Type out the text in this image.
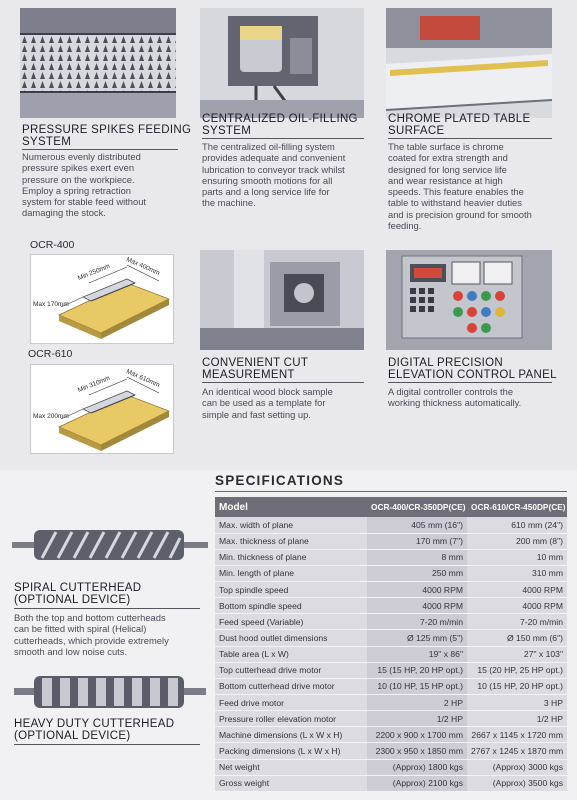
PRESSURE SPIKES FEEDING
SYSTEM
Numerous evenly distributed
pressure spikes exert even
pressure on the workpiece.
Employ a spring retraction
system for stable feed without
damaging the stock.
CENTRALIZED OIL-FILLING
SYSTEM
The centralized oil-filling system
provides adequate and convenient
lubrication to conveyor track whilst
ensuring smooth motions for all
parts and a long service life for
the machine.
CHROME PLATED TABLE
SURFACE
The table surface is chrome
coated for extra strength and
designed for long service life
and wear resistance at high
speeds. This feature enables the
table to withstand heavier duties
and is precision ground for smooth
feeding.
OCR-400
Min 250mm Max 400mm
Max 170mm
OCR-610
Min 310mm Max 610mm
Max 200mm
CONVENIENT CUT
MEASUREMENT
An identical wood block sample
can be used as a template for
simple and fast setting up.
DIGITAL PRECISION
ELEVATION CONTROL PANEL
A digital controller controls the
working thickness automatically.
SPIRAL CUTTERHEAD
(OPTIONAL DEVICE)
Both the top and bottom cutterheads
can be fitted with spiral (Helical)
cutterheads, which provide extremely
smooth and low noise cuts.
HEAVY DUTY CUTTERHEAD
(OPTIONAL DEVICE)
SPECIFICATIONS
Model	OCR-400/CR-350DP(CE)	OCR-610/CR-450DP(CE)
Max. width of plane	405 mm (16")	610 mm (24")
Max. thickness of plane	170 mm (7")	200 mm (8")
Min. thickness of plane	8 mm	10 mm
Min. length of plane	250 mm	310 mm
Top spindle speed	4000 RPM	4000 RPM
Bottom spindle speed	4000 RPM	4000 RPM
Feed speed (Variable)	7-20 m/min	7-20 m/min
Dust hood outlet dimensions	Ø 125 mm (5")	Ø 150 mm (6")
Table area (L x W)	19" x 86"	27" x 103"
Top cutterhead drive motor	15 (15 HP, 20 HP opt.)	15 (20 HP, 25 HP opt.)
Bottom cutterhead drive motor	10 (10 HP, 15 HP opt.)	10 (15 HP, 20 HP opt.)
Feed drive motor	2 HP	3 HP
Pressure roller elevation motor	1/2 HP	1/2 HP
Machine dimensions (L x W x H)	2200 x 900 x 1700 mm	2667 x 1145 x 1720 mm
Packing dimensions (L x W x H)	2300 x 950 x 1850 mm	2767 x 1245 x 1870 mm
Net weight	(Approx) 1800 kgs	(Approx) 3000 kgs
Gross weight	(Approx) 2100 kgs	(Approx) 3500 kgs
